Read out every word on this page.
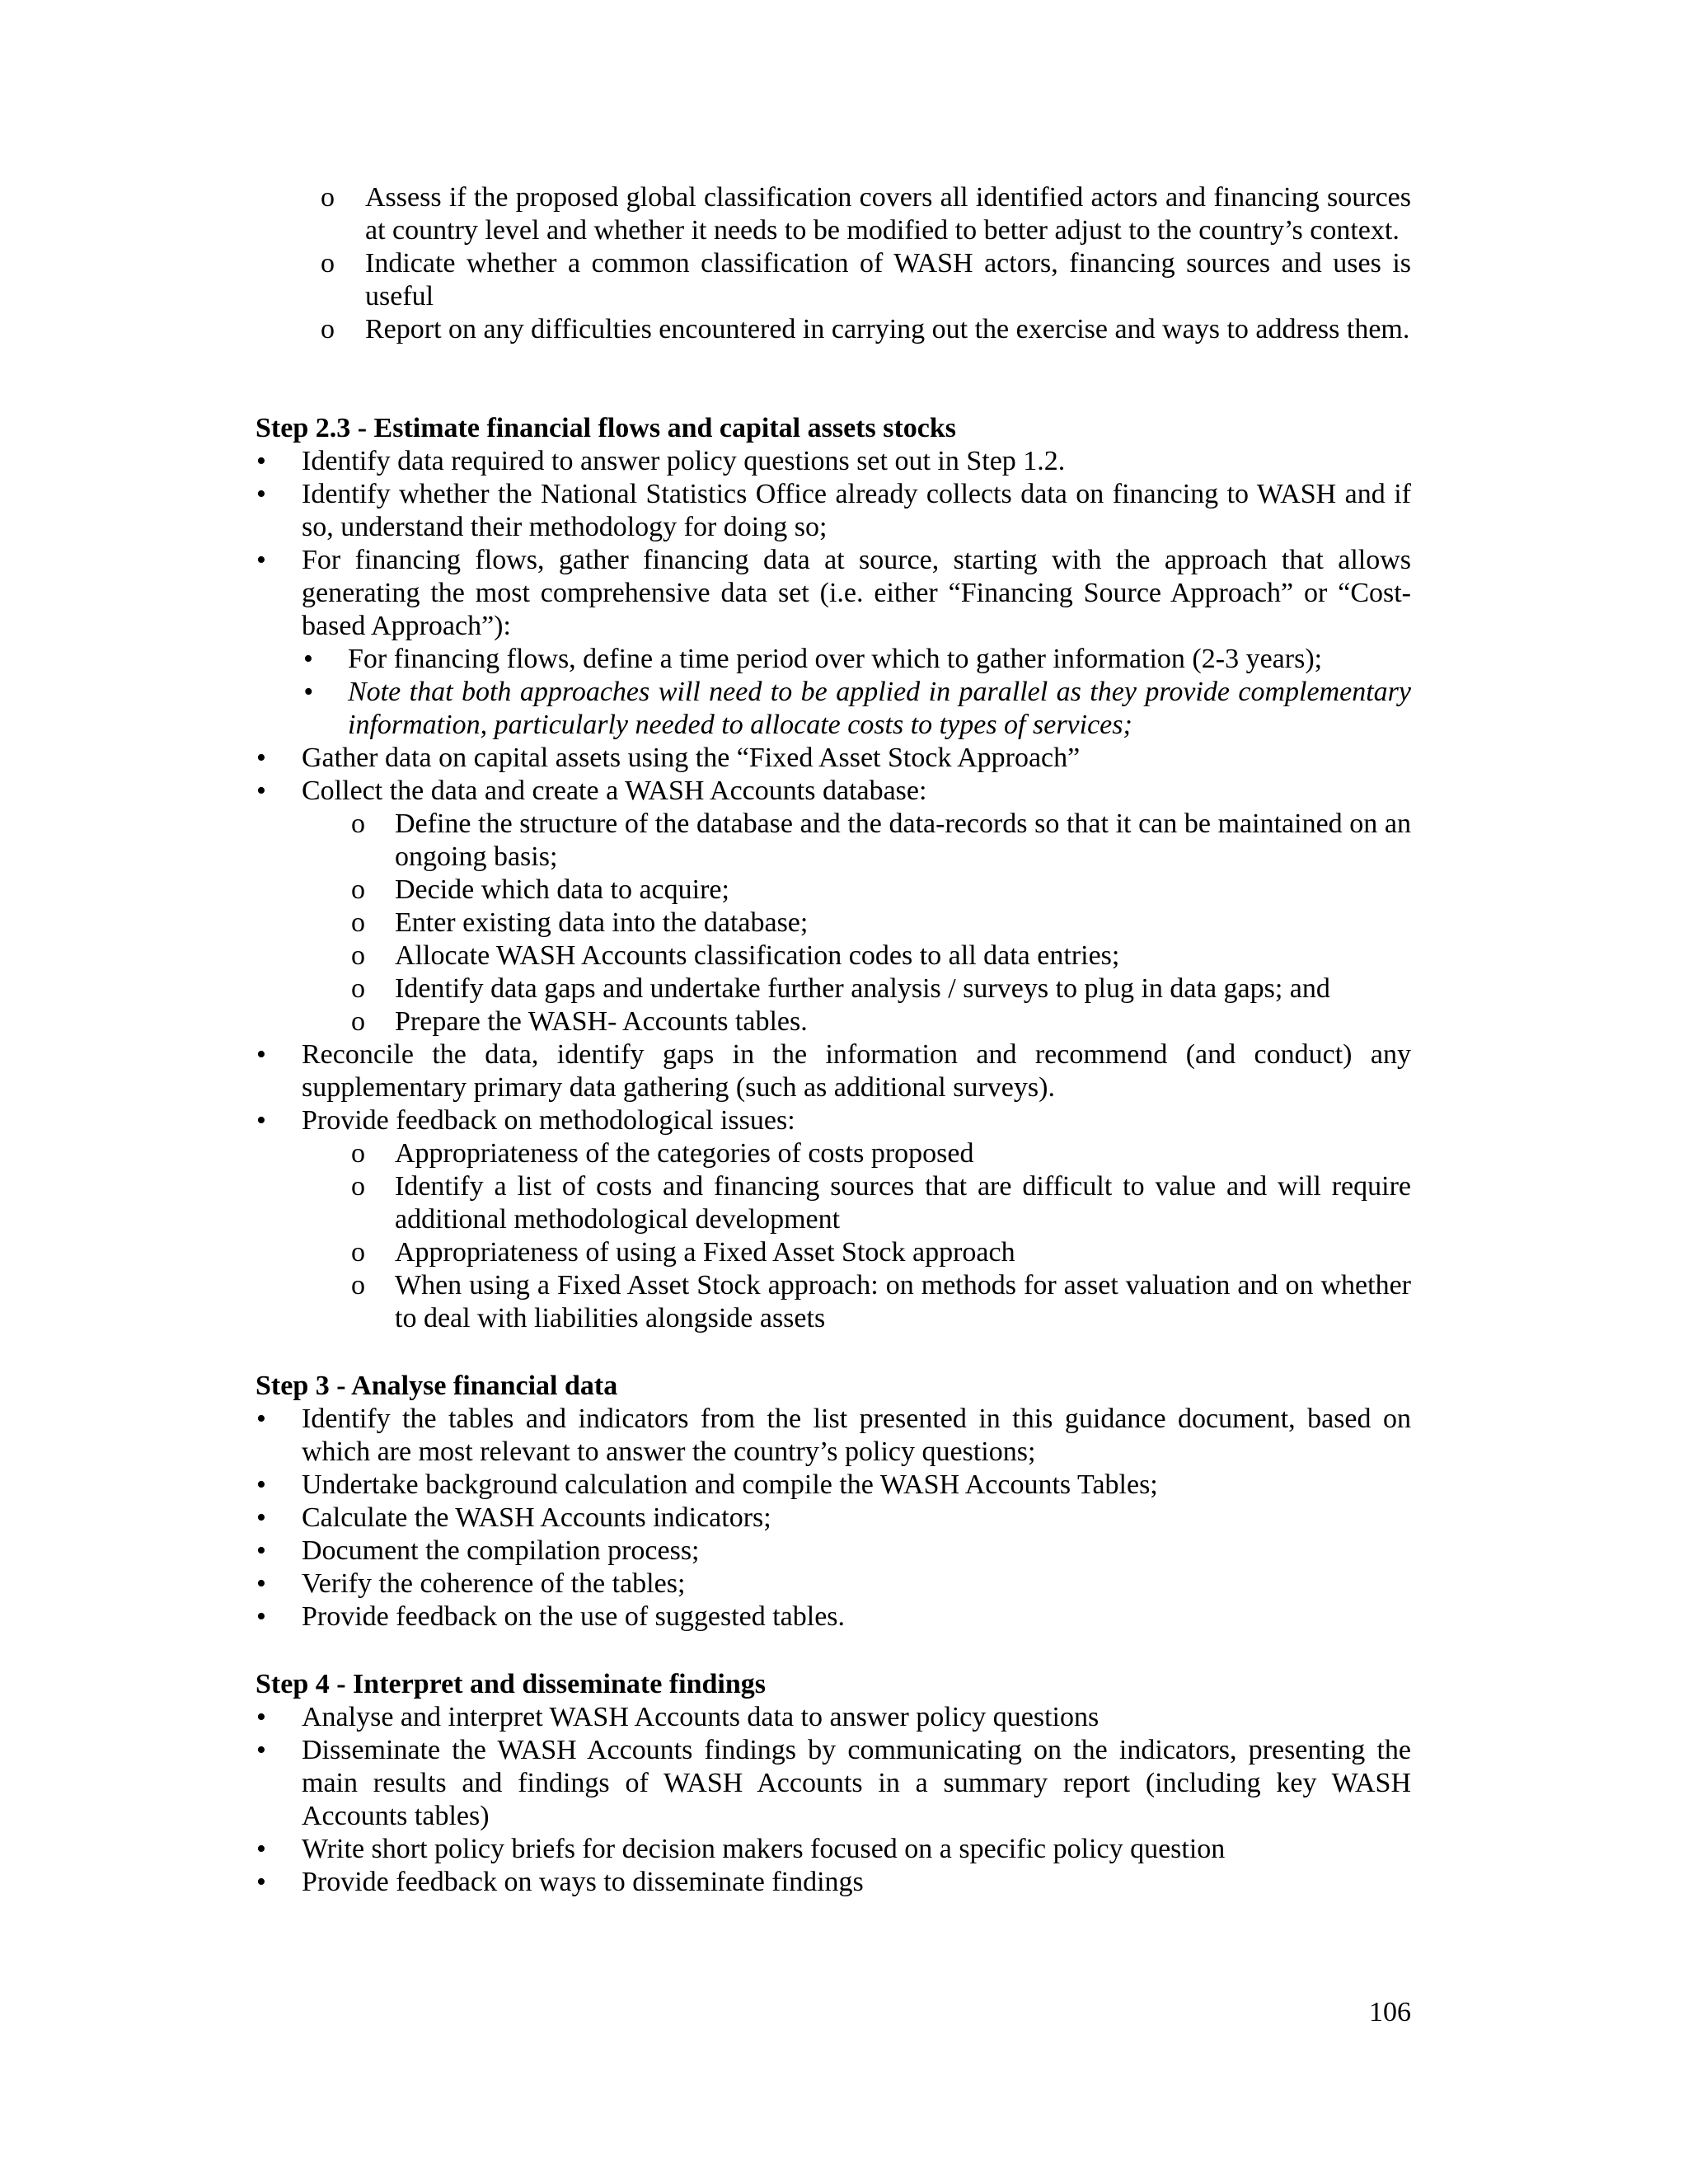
o Assess if the proposed global classification covers all identified actors and financing sources at country level and whether it needs to be modified to better adjust to the country’s context.
o Indicate whether a common classification of WASH actors, financing sources and uses is useful
o Report on any difficulties encountered in carrying out the exercise and ways to address them.

Step 2.3 - Estimate financial flows and capital assets stocks

• Identify data required to answer policy questions set out in Step 1.2.
• Identify whether the National Statistics Office already collects data on financing to WASH and if so, understand their methodology for doing so;
• For financing flows, gather financing data at source, starting with the approach that allows generating the most comprehensive data set (i.e. either “Financing Source Approach” or “Cost-based Approach”):
• For financing flows, define a time period over which to gather information (2-3 years);
• Note that both approaches will need to be applied in parallel as they provide complementary information, particularly needed to allocate costs to types of services;
• Gather data on capital assets using the “Fixed Asset Stock Approach”
• Collect the data and create a WASH Accounts database:
o Define the structure of the database and the data-records so that it can be maintained on an ongoing basis;
o Decide which data to acquire;
o Enter existing data into the database;
o Allocate WASH Accounts classification codes to all data entries;
o Identify data gaps and undertake further analysis / surveys to plug in data gaps; and
o Prepare the WASH- Accounts tables.
• Reconcile the data, identify gaps in the information and recommend (and conduct) any supplementary primary data gathering (such as additional surveys).
• Provide feedback on methodological issues:
o Appropriateness of the categories of costs proposed
o Identify a list of costs and financing sources that are difficult to value and will require additional methodological development
o Appropriateness of using a Fixed Asset Stock approach
o When using a Fixed Asset Stock approach: on methods for asset valuation and on whether to deal with liabilities alongside assets

Step 3 - Analyse financial data

• Identify the tables and indicators from the list presented in this guidance document, based on which are most relevant to answer the country’s policy questions;
• Undertake background calculation and compile the WASH Accounts Tables;
• Calculate the WASH Accounts indicators;
• Document the compilation process;
• Verify the coherence of the tables;
• Provide feedback on the use of suggested tables.

Step 4 - Interpret and disseminate findings

• Analyse and interpret WASH Accounts data to answer policy questions
• Disseminate the WASH Accounts findings by communicating on the indicators, presenting the main results and findings of WASH Accounts in a summary report (including key WASH Accounts tables)
• Write short policy briefs for decision makers focused on a specific policy question
• Provide feedback on ways to disseminate findings
106
